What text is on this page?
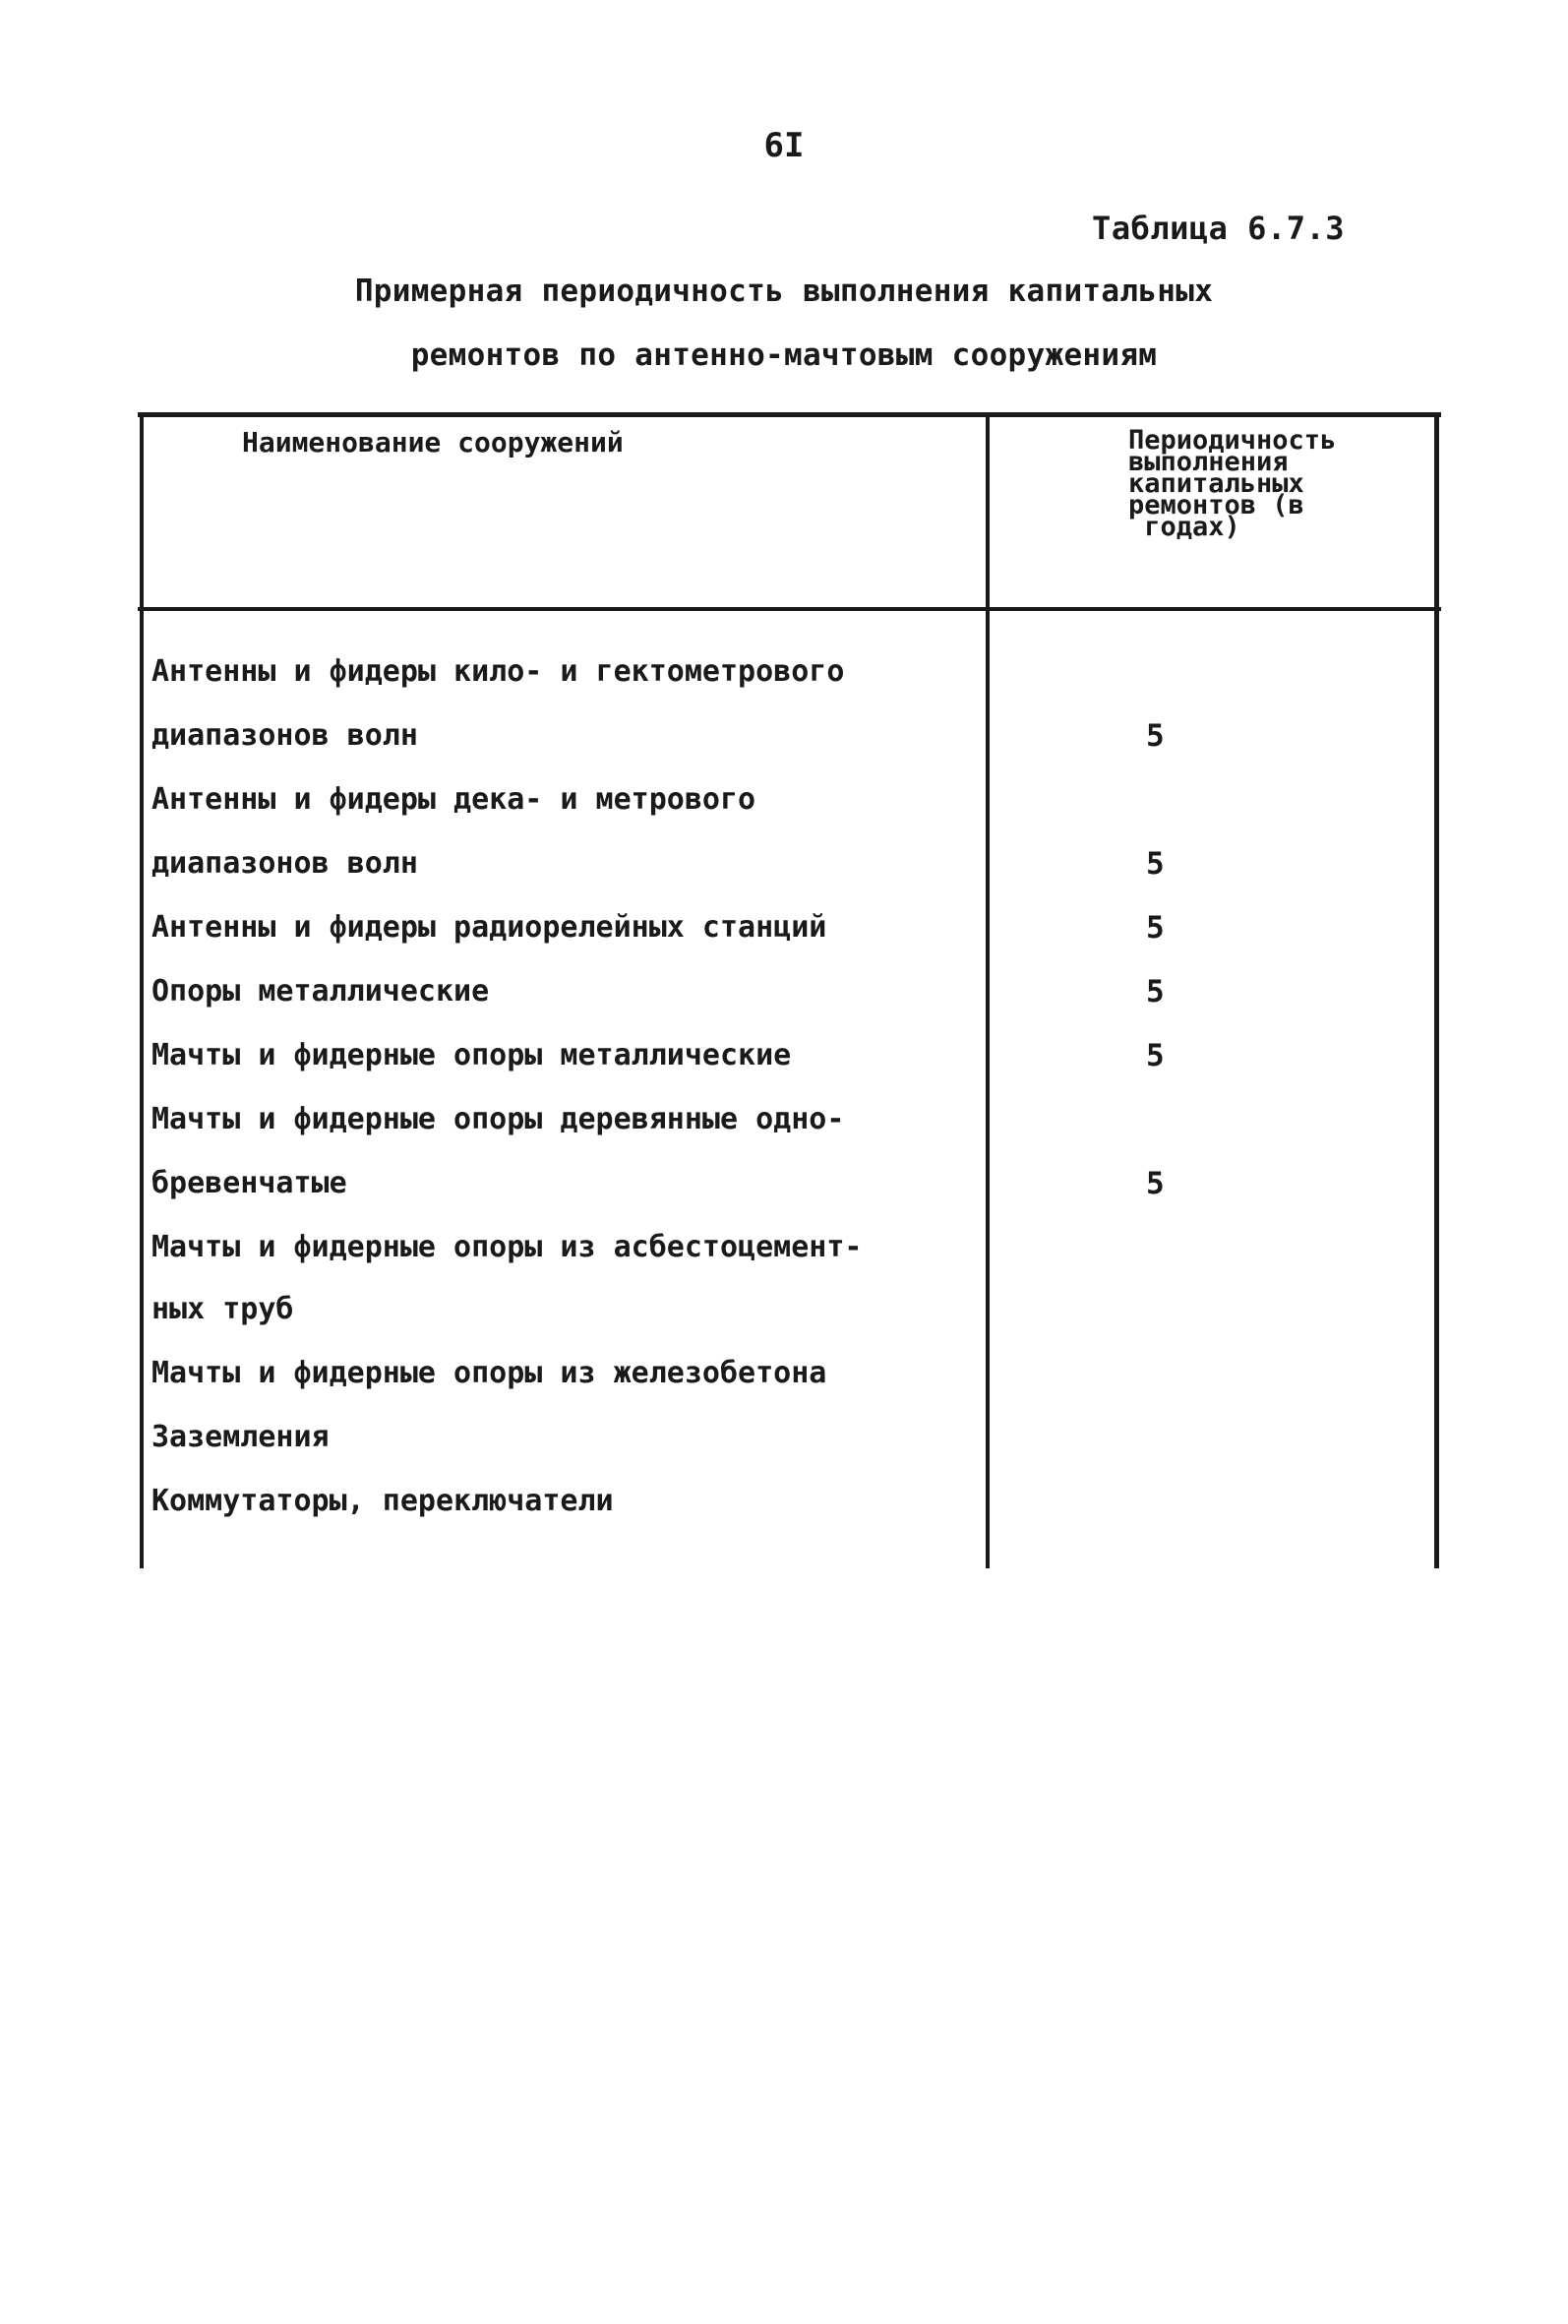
6I
Таблица 6.7.3
Примерная периодичность выполнения капитальных
ремонтов по антенно-мачтовым сооружениям
Наименование сооружений	Периодичность
выполнения
капитальных
ремонтов (в
годах)
Антенны и фидеры кило- и гектометрового
диапазонов волн	5
Антенны и фидеры дека- и метрового
диапазонов волн	5
Антенны и фидеры радиорелейных станций	5
Опоры металлические	5
Мачты и фидерные опоры металлические	5
Мачты и фидерные опоры деревянные одно-
бревенчатые	5
Мачты и фидерные опоры из асбестоцемент-
ных труб
Мачты и фидерные опоры из железобетона
Заземления
Коммутаторы, переключатели
